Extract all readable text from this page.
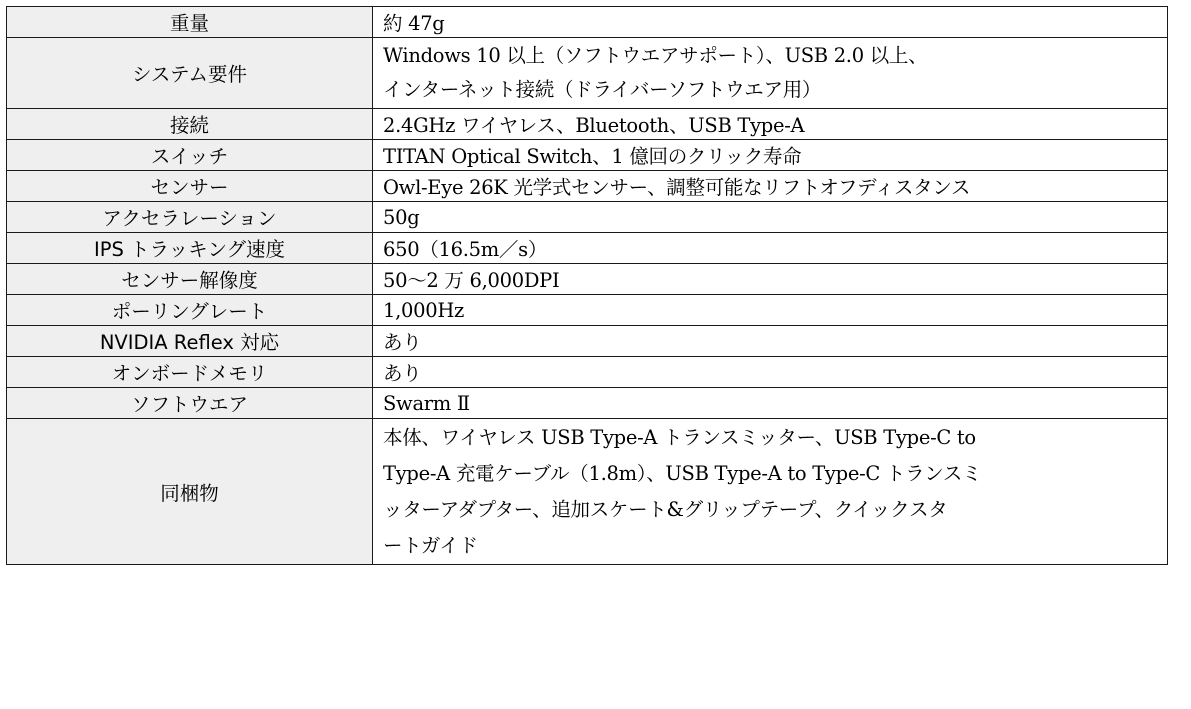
重量	約 47g

システム要件	Windows 10 以上（ソフトウエアサポート）、USB 2.0 以上、
インターネット接続（ドライバーソフトウエア用）

接続	2.4GHz ワイヤレス、Bluetooth、USB Type-A

スイッチ	TITAN Optical Switch、1 億回のクリック寿命

センサー	Owl-Eye 26K 光学式センサー、調整可能なリフトオフディスタンス

アクセラレーション	50g

IPS トラッキング速度	650（16.5m／s）

センサー解像度	50～2 万 6,000DPI

ポーリングレート	1,000Hz

NVIDIA Reflex 対応	あり

オンボードメモリ	あり

ソフトウエア	Swarm Ⅱ

同梱物	本体、ワイヤレス USB Type-A トランスミッター、USB Type-C to
Type-A 充電ケーブル（1.8m）、USB Type-A to Type-C トランスミ
ッターアダプター、追加スケート&グリップテープ、クイックスタ
ートガイド
